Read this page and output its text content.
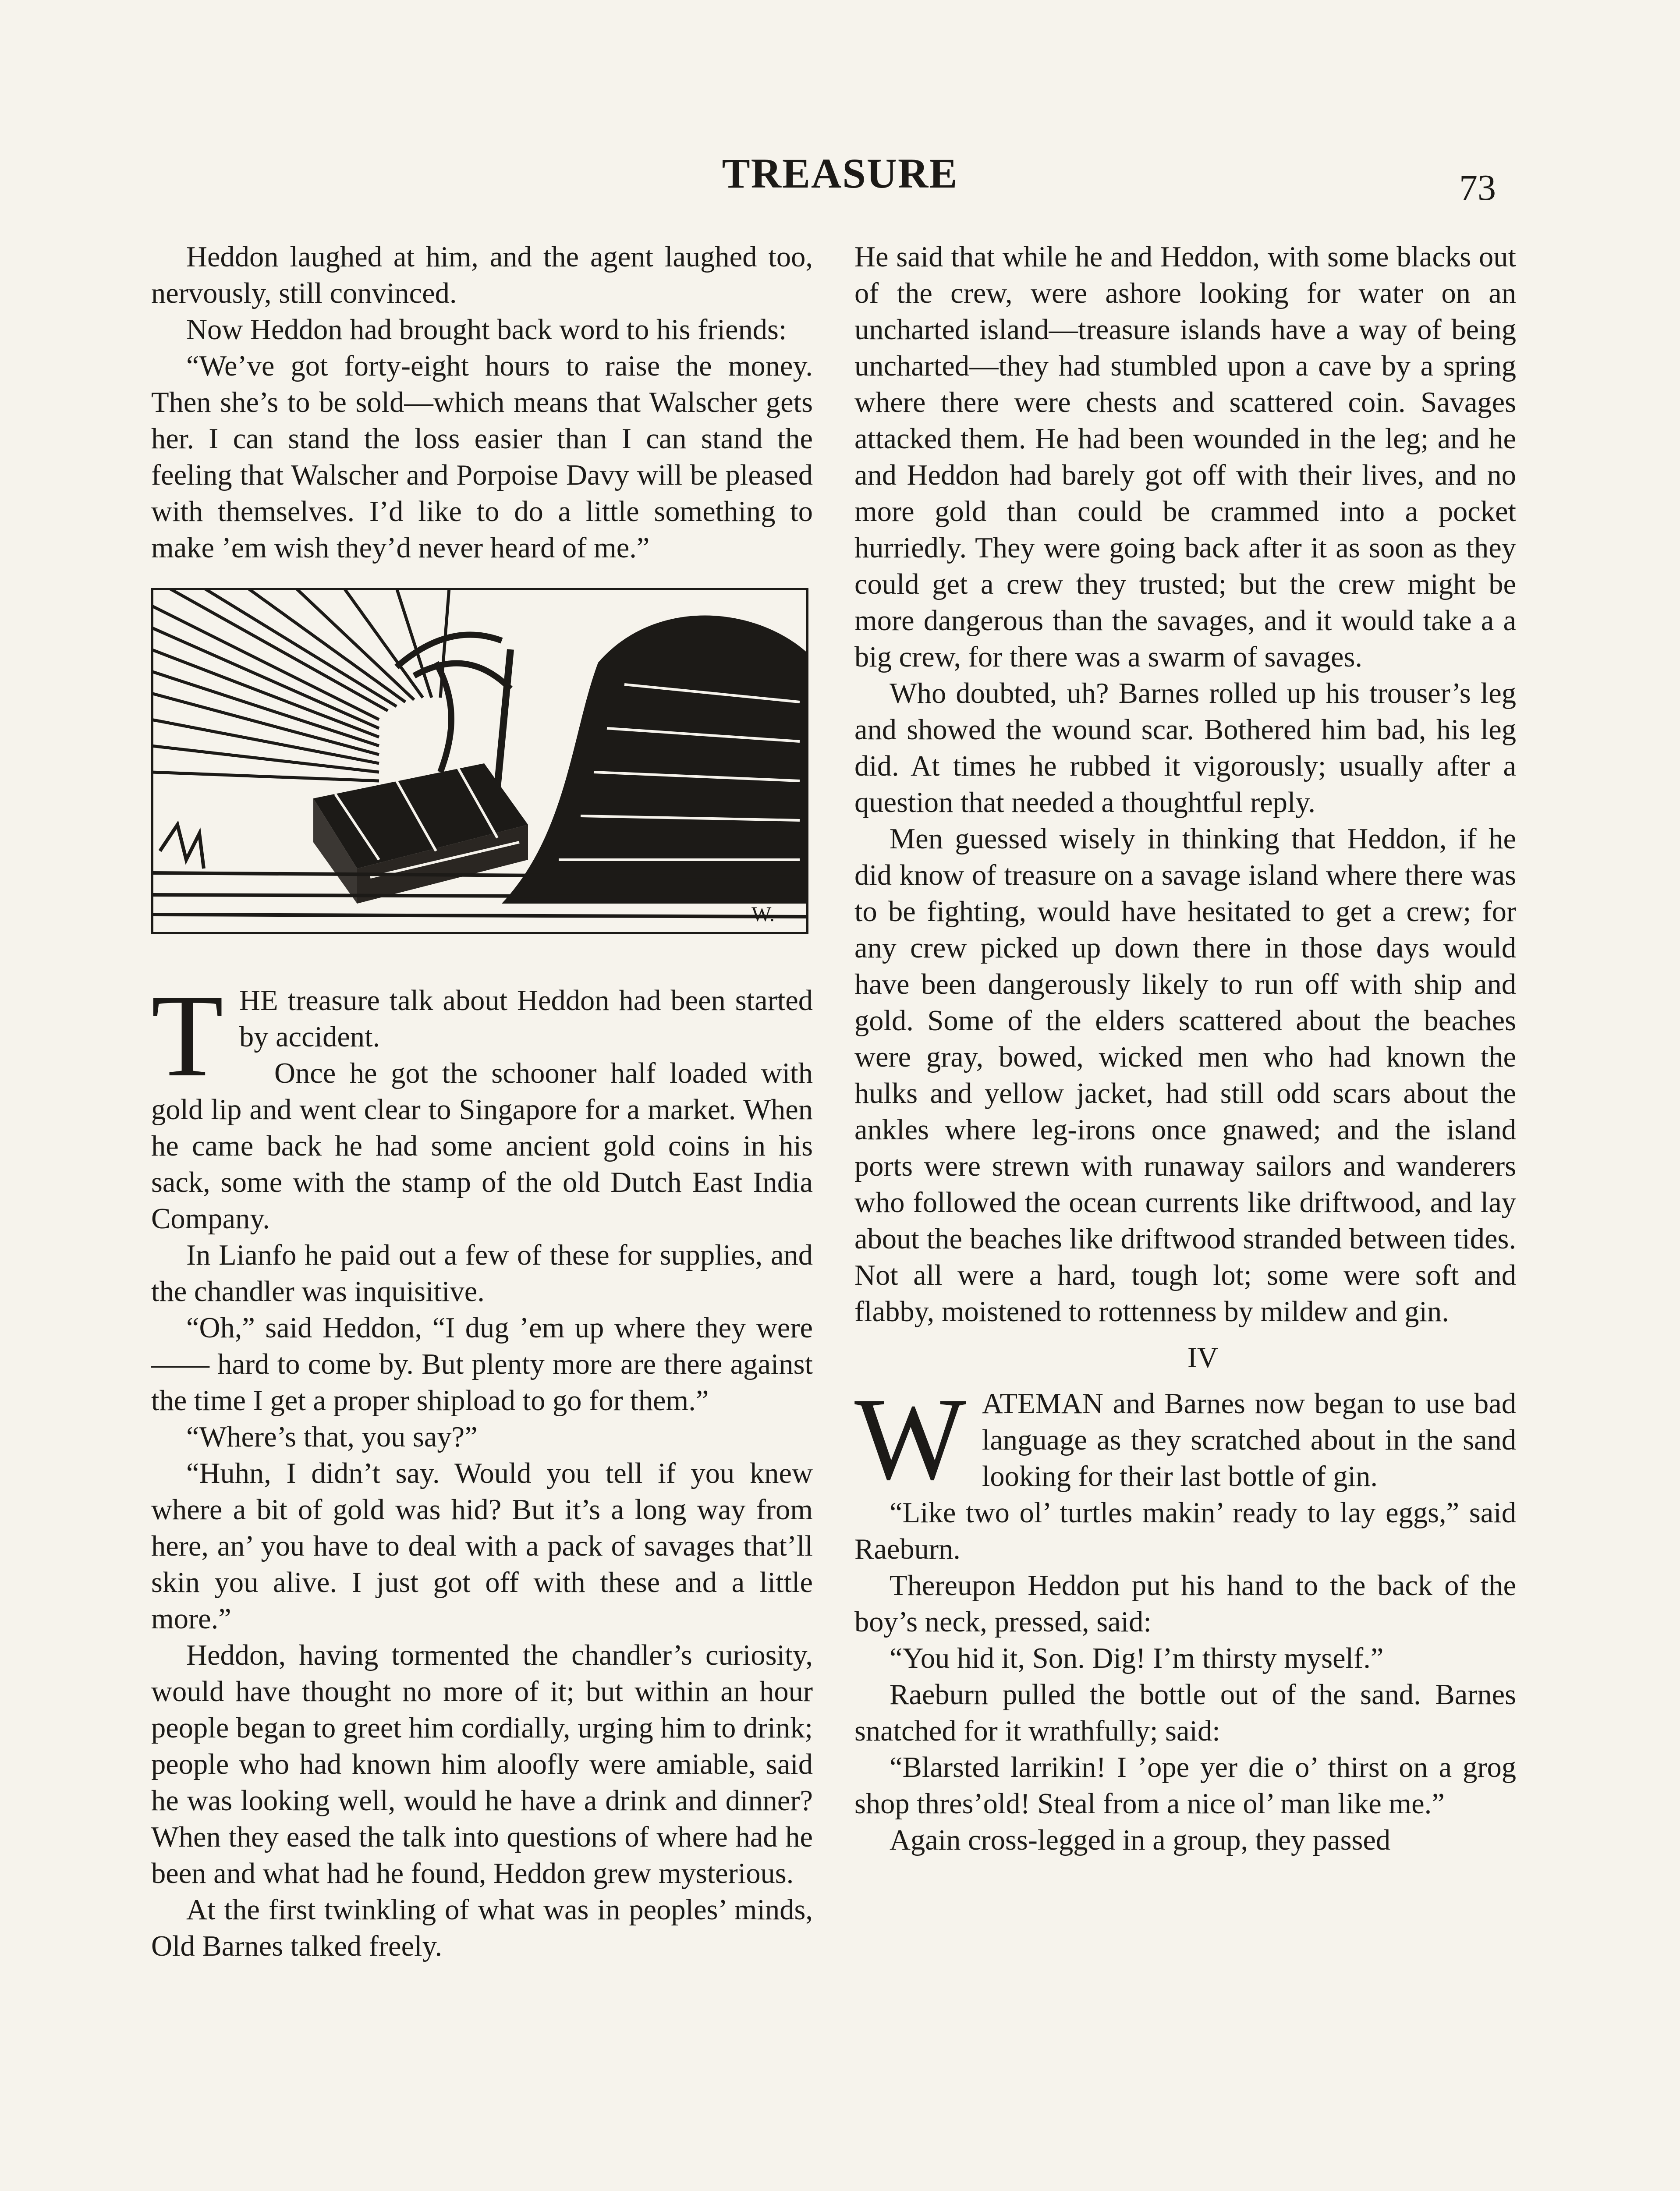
TREASURE	73

Heddon laughed at him, and the agent laughed too, nervously, still convinced.

Now Heddon had brought back word to his friends:

“We’ve got forty-eight hours to raise the money. Then she’s to be sold—which means that Walscher gets her. I can stand the loss easier than I can stand the feeling that Walscher and Porpoise Davy will be pleased with themselves. I’d like to do a little something to make ’em wish they’d never heard of me.”

W.

THE treasure talk about Heddon had been started by accident.

Once he got the schooner half loaded with gold lip and went clear to Singapore for a market. When he came back he had some ancient gold coins in his sack, some with the stamp of the old Dutch East India Company.

In Lianfo he paid out a few of these for supplies, and the chandler was inquisitive.

“Oh,” said Heddon, “I dug ’em up where they were —— hard to come by. But plenty more are there against the time I get a proper shipload to go for them.”

“Where’s that, you say?”

“Huhn, I didn’t say. Would you tell if you knew where a bit of gold was hid? But it’s a long way from here, an’ you have to deal with a pack of savages that’ll skin you alive. I just got off with these and a little more.”

Heddon, having tormented the chandler’s curiosity, would have thought no more of it; but within an hour people began to greet him cordially, urging him to drink; people who had known him aloofly were amiable, said he was looking well, would he have a drink and dinner? When they eased the talk into questions of where had he been and what had he found, Heddon grew mysterious.

At the first twinkling of what was in peoples’ minds, Old Barnes talked freely.

He said that while he and Heddon, with some blacks out of the crew, were ashore looking for water on an uncharted island—treasure islands have a way of being uncharted—they had stumbled upon a cave by a spring where there were chests and scattered coin. Savages attacked them. He had been wounded in the leg; and he and Heddon had barely got off with their lives, and no more gold than could be crammed into a pocket hurriedly. They were going back after it as soon as they could get a crew they trusted; but the crew might be more dangerous than the savages, and it would take a a big crew, for there was a swarm of savages.

Who doubted, uh? Barnes rolled up his trouser’s leg and showed the wound scar. Bothered him bad, his leg did. At times he rubbed it vigorously; usually after a question that needed a thoughtful reply.

Men guessed wisely in thinking that Heddon, if he did know of treasure on a savage island where there was to be fighting, would have hesitated to get a crew; for any crew picked up down there in those days would have been dangerously likely to run off with ship and gold. Some of the elders scattered about the beaches were gray, bowed, wicked men who had known the hulks and yellow jacket, had still odd scars about the ankles where leg-irons once gnawed; and the island ports were strewn with runaway sailors and wanderers who followed the ocean currents like driftwood, and lay about the beaches like driftwood stranded between tides. Not all were a hard, tough lot; some were soft and flabby, moistened to rottenness by mildew and gin.

IV

WATEMAN and Barnes now began to use bad language as they scratched about in the sand looking for their last bottle of gin.

“Like two ol’ turtles makin’ ready to lay eggs,” said Raeburn.

Thereupon Heddon put his hand to the back of the boy’s neck, pressed, said:

“You hid it, Son. Dig! I’m thirsty myself.”

Raeburn pulled the bottle out of the sand. Barnes snatched for it wrathfully; said:

“Blarsted larrikin! I ’ope yer die o’ thirst on a grog shop thres’old! Steal from a nice ol’ man like me.”

Again cross-legged in a group, they passed
